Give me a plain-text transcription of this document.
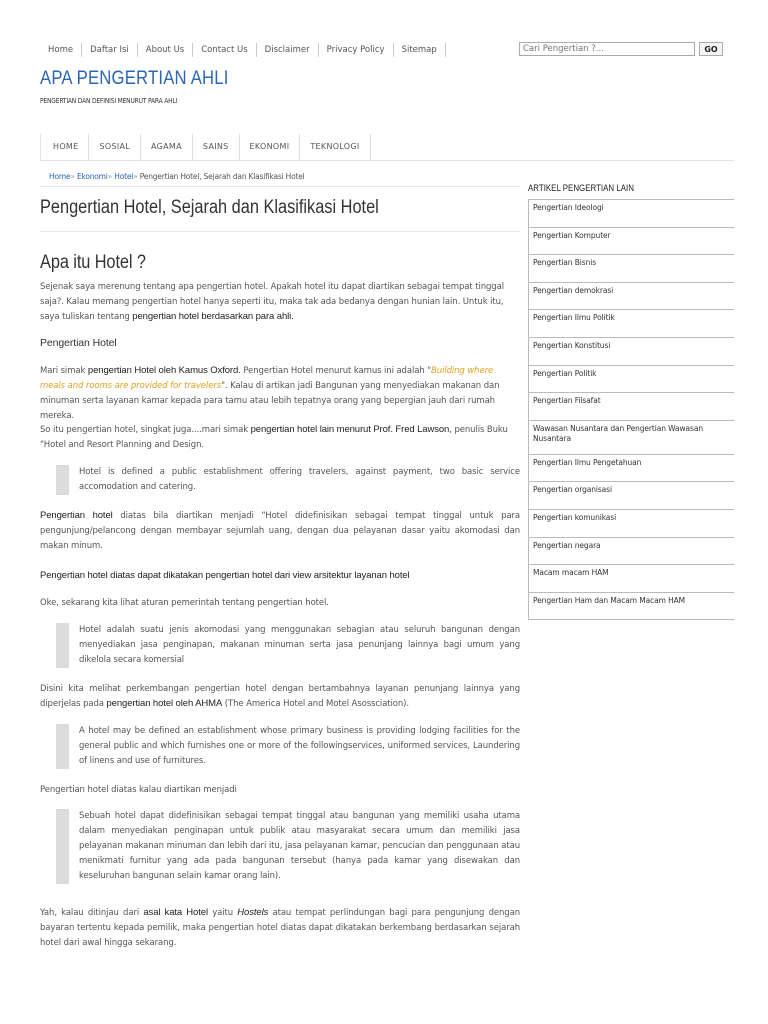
Home	Daftar Isi	About Us	Contact Us	Disclaimer	Privacy Policy	Sitemap
Cari Pengertian ?...	GO
APA PENGERTIAN AHLI
PENGERTIAN DAN DEFINISI MENURUT PARA AHLI
HOME	SOSIAL	AGAMA	SAINS	EKONOMI	TEKNOLOGI
Home» Ekonomi» Hotel» Pengertian Hotel, Sejarah dan Klasifikasi Hotel
Pengertian Hotel, Sejarah dan Klasifikasi Hotel
Apa itu Hotel ?

Sejenak saya merenung tentang apa pengertian hotel. Apakah hotel itu dapat diartikan sebagai tempat tinggal saja?. Kalau memang pengertian hotel hanya seperti itu, maka tak ada bedanya dengan hunian lain. Untuk itu, saya tuliskan tentang pengertian hotel berdasarkan para ahli.

Pengertian Hotel

Mari simak pengertian Hotel oleh Kamus Oxford. Pengertian Hotel menurut kamus ini adalah "Building where meals and rooms are provided for travelers". Kalau di artikan jadi Bangunan yang menyediakan makanan dan minuman serta layanan kamar kepada para tamu atau lebih tepatnya orang yang bepergian jauh dari rumah mereka.

So itu pengertian hotel, singkat juga....mari simak pengertian hotel lain menurut Prof. Fred Lawson, penulis Buku "Hotel and Resort Planning and Design.

Hotel is defined a public establishment offering travelers, against payment, two basic service accomodation and catering.

Pengertian hotel diatas bila diartikan menjadi "Hotel didefinisikan sebagai tempat tinggal untuk para pengunjung/pelancong dengan membayar sejumlah uang, dengan dua pelayanan dasar yaitu akomodasi dan makan minum.

Pengertian hotel diatas dapat dikatakan pengertian hotel dari view arsitektur layanan hotel

Oke, sekarang kita lihat aturan pemerintah tentang pengertian hotel.

Hotel adalah suatu jenis akomodasi yang menggunakan sebagian atau seluruh bangunan dengan menyediakan jasa penginapan, makanan minuman serta jasa penunjang lainnya bagi umum yang dikelola secara komersial

Disini kita melihat perkembangan pengertian hotel dengan bertambahnya layanan penunjang lainnya yang diperjelas pada pengertian hotel oleh AHMA (The America Hotel and Motel Asossciation).

A hotel may be defined an establishment whose primary business is providing lodging facilities for the general public and which furnishes one or more of the followingservices, uniformed services, Laundering of linens and use of furnitures.

Pengertian hotel diatas kalau diartikan menjadi

Sebuah hotel dapat didefinisikan sebagai tempat tinggal atau bangunan yang memiliki usaha utama dalam menyediakan penginapan untuk publik atau masyarakat secara umum dan memiliki jasa pelayanan makanan minuman dan lebih dari itu, jasa pelayanan kamar, pencucian dan penggunaan atau menikmati furnitur yang ada pada bangunan tersebut (hanya pada kamar yang disewakan dan keseluruhan bangunan selain kamar orang lain).

Yah, kalau ditinjau dari asal kata Hotel yaitu Hostels atau tempat perlindungan bagi para pengunjung dengan bayaran tertentu kepada pemilik, maka pengertian hotel diatas dapat dikatakan berkembang berdasarkan sejarah hotel dari awal hingga sekarang.

ARTIKEL PENGERTIAN LAIN
Pengertian Ideologi
Pengertian Komputer
Pengertian Bisnis
Pengertian demokrasi
Pengertian Ilmu Politik
Pengertian Konstitusi
Pengertian Politik
Pengertian Filsafat
Wawasan Nusantara dan Pengertian Wawasan Nusantara
Pengertian Ilmu Pengetahuan
Pengertian organisasi
Pengertian komunikasi
Pengertian negara
Macam macam HAM
Pengertian Ham dan Macam Macam HAM
